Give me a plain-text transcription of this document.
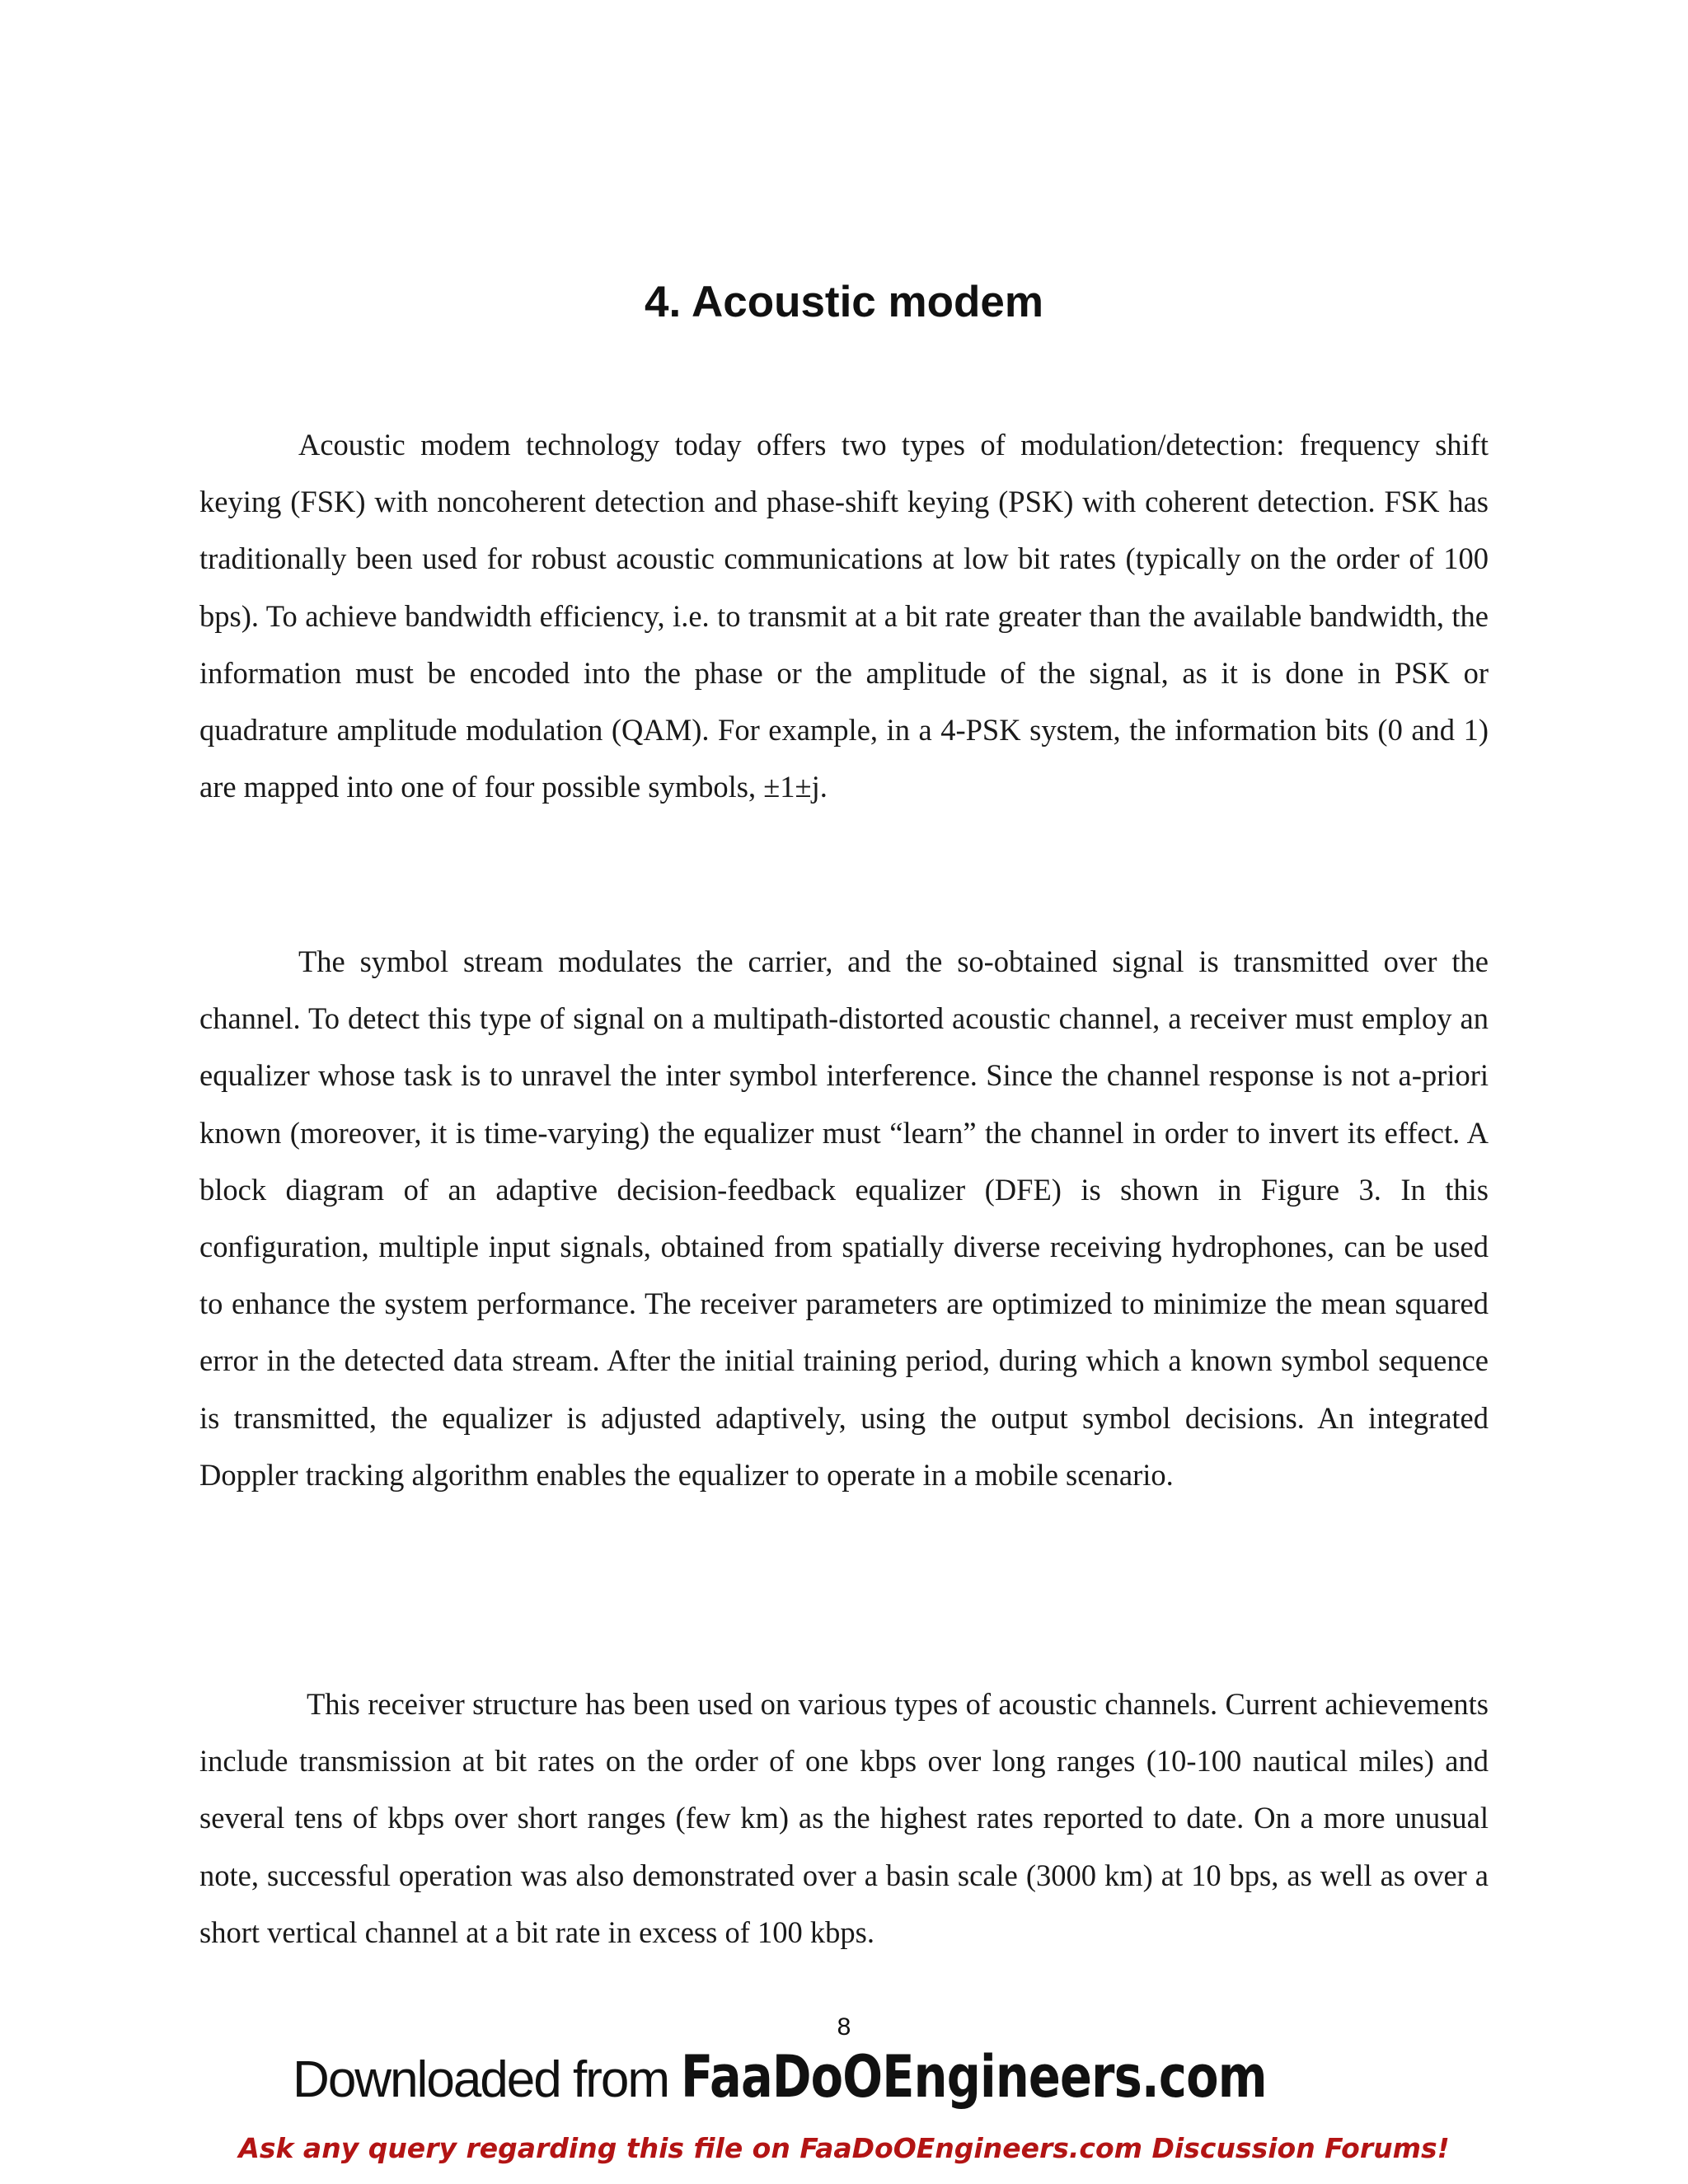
4. Acoustic modem

Acoustic modem technology today offers two types of modulation/detection: frequency shift keying (FSK) with noncoherent detection and phase-shift keying (PSK) with coherent detection. FSK has traditionally been used for robust acoustic communications at low bit rates (typically on the order of 100 bps). To achieve bandwidth efficiency, i.e. to transmit at a bit rate greater than the available bandwidth, the information must be encoded into the phase or the amplitude of the signal, as it is done in PSK or quadrature amplitude modulation (QAM). For example, in a 4-PSK system, the information bits (0 and 1) are mapped into one of four possible symbols, ±1±j.

The symbol stream modulates the carrier, and the so-obtained signal is transmitted over the channel. To detect this type of signal on a multipath-distorted acoustic channel, a receiver must employ an equalizer whose task is to unravel the inter symbol interference. Since the channel response is not a-priori known (moreover, it is time-varying) the equalizer must “learn” the channel in order to invert its effect. A block diagram of an adaptive decision-feedback equalizer (DFE) is shown in Figure 3. In this configuration, multiple input signals, obtained from spatially diverse receiving hydrophones, can be used to enhance the system performance. The receiver parameters are optimized to minimize the mean squared error in the detected data stream. After the initial training period, during which a known symbol sequence is transmitted, the equalizer is adjusted adaptively, using the output symbol decisions. An integrated Doppler tracking algorithm enables the equalizer to operate in a mobile scenario.

This receiver structure has been used on various types of acoustic channels. Current achievements include transmission at bit rates on the order of one kbps over long ranges (10-100 nautical miles) and several tens of kbps over short ranges (few km) as the highest rates reported to date. On a more unusual note, successful operation was also demonstrated over a basin scale (3000 km) at 10 bps, as well as over a short vertical channel at a bit rate in excess of 100 kbps.

8
Downloaded from FaaDoOEngineers.com
Ask any query regarding this file on FaaDoOEngineers.com Discussion Forums!
